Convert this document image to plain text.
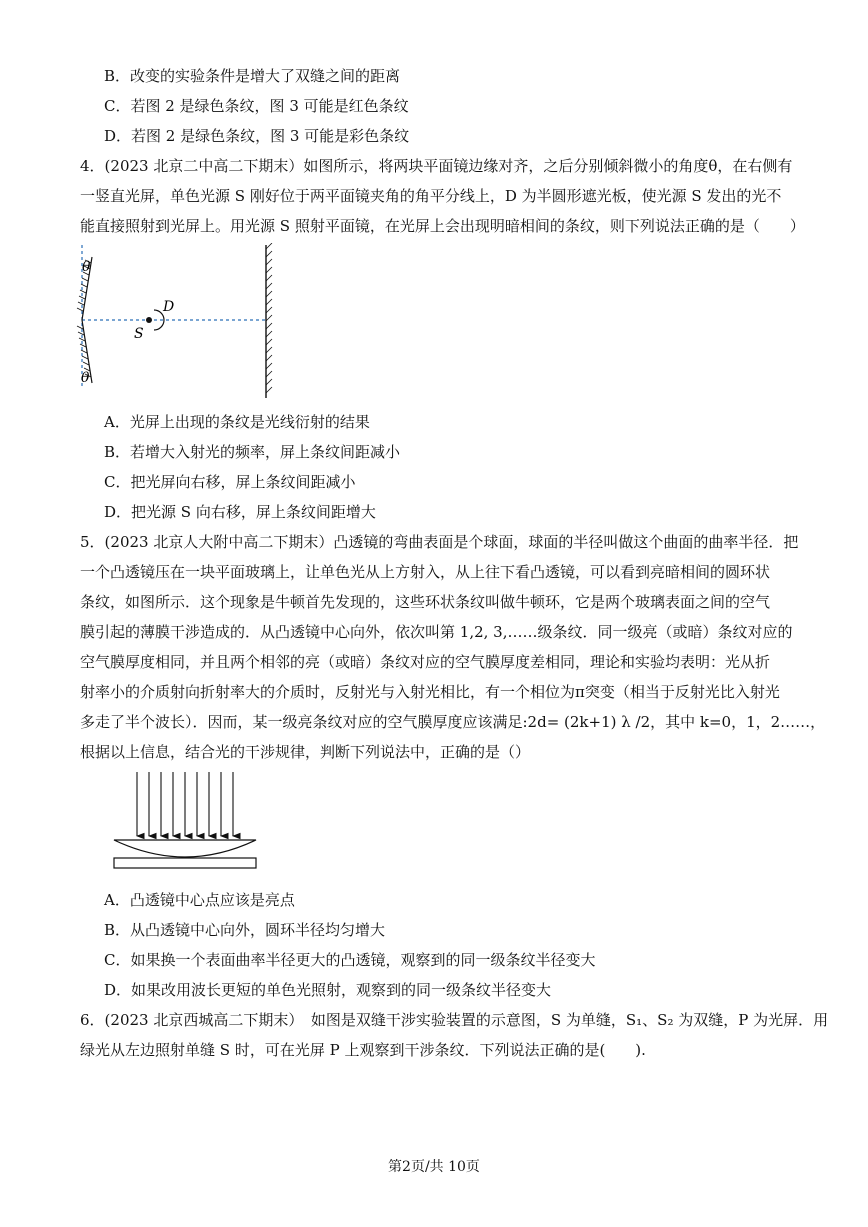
B．改变的实验条件是增大了双缝之间的距离
C．若图 2 是绿色条纹，图 3 可能是红色条纹
D．若图 2 是绿色条纹，图 3 可能是彩色条纹
4．(2023 北京二中高二下期末）如图所示，将两块平面镜边缘对齐，之后分别倾斜微小的角度θ，在右侧有
一竖直光屏，单色光源 S 刚好位于两平面镜夹角的角平分线上，D 为半圆形遮光板，使光源 S 发出的光不
能直接照射到光屏上。用光源 S 照射平面镜，在光屏上会出现明暗相间的条纹，则下列说法正确的是（　　）
θ
θ
D
S
A．光屏上出现的条纹是光线衍射的结果
B．若增大入射光的频率，屏上条纹间距减小
C．把光屏向右移，屏上条纹间距减小
D．把光源 S 向右移，屏上条纹间距增大
5．(2023 北京人大附中高二下期末）凸透镜的弯曲表面是个球面，球面的半径叫做这个曲面的曲率半径．把
一个凸透镜压在一块平面玻璃上，让单色光从上方射入，从上往下看凸透镜，可以看到亮暗相间的圆环状
条纹，如图所示．这个现象是牛顿首先发现的，这些环状条纹叫做牛顿环，它是两个玻璃表面之间的空气
膜引起的薄膜干涉造成的．从凸透镜中心向外，依次叫第 1,2, 3,……级条纹．同一级亮（或暗）条纹对应的
空气膜厚度相同，并且两个相邻的亮（或暗）条纹对应的空气膜厚度差相同，理论和实验均表明：光从折
射率小的介质射向折射率大的介质时，反射光与入射光相比，有一个相位为π突变（相当于反射光比入射光
多走了半个波长）．因而，某一级亮条纹对应的空气膜厚度应该满足:2d= (2k+1) λ /2，其中 k=0，1，2……，
根据以上信息，结合光的干涉规律，判断下列说法中，正确的是（）
A．凸透镜中心点应该是亮点
B．从凸透镜中心向外，圆环半径均匀增大
C．如果换一个表面曲率半径更大的凸透镜，观察到的同一级条纹半径变大
D．如果改用波长更短的单色光照射，观察到的同一级条纹半径变大
6．(2023 北京西城高二下期末）　如图是双缝干涉实验装置的示意图，S 为单缝，S₁、S₂ 为双缝，P 为光屏．用
绿光从左边照射单缝 S 时，可在光屏 P 上观察到干涉条纹．下列说法正确的是(　　).
第2页/共 10页
